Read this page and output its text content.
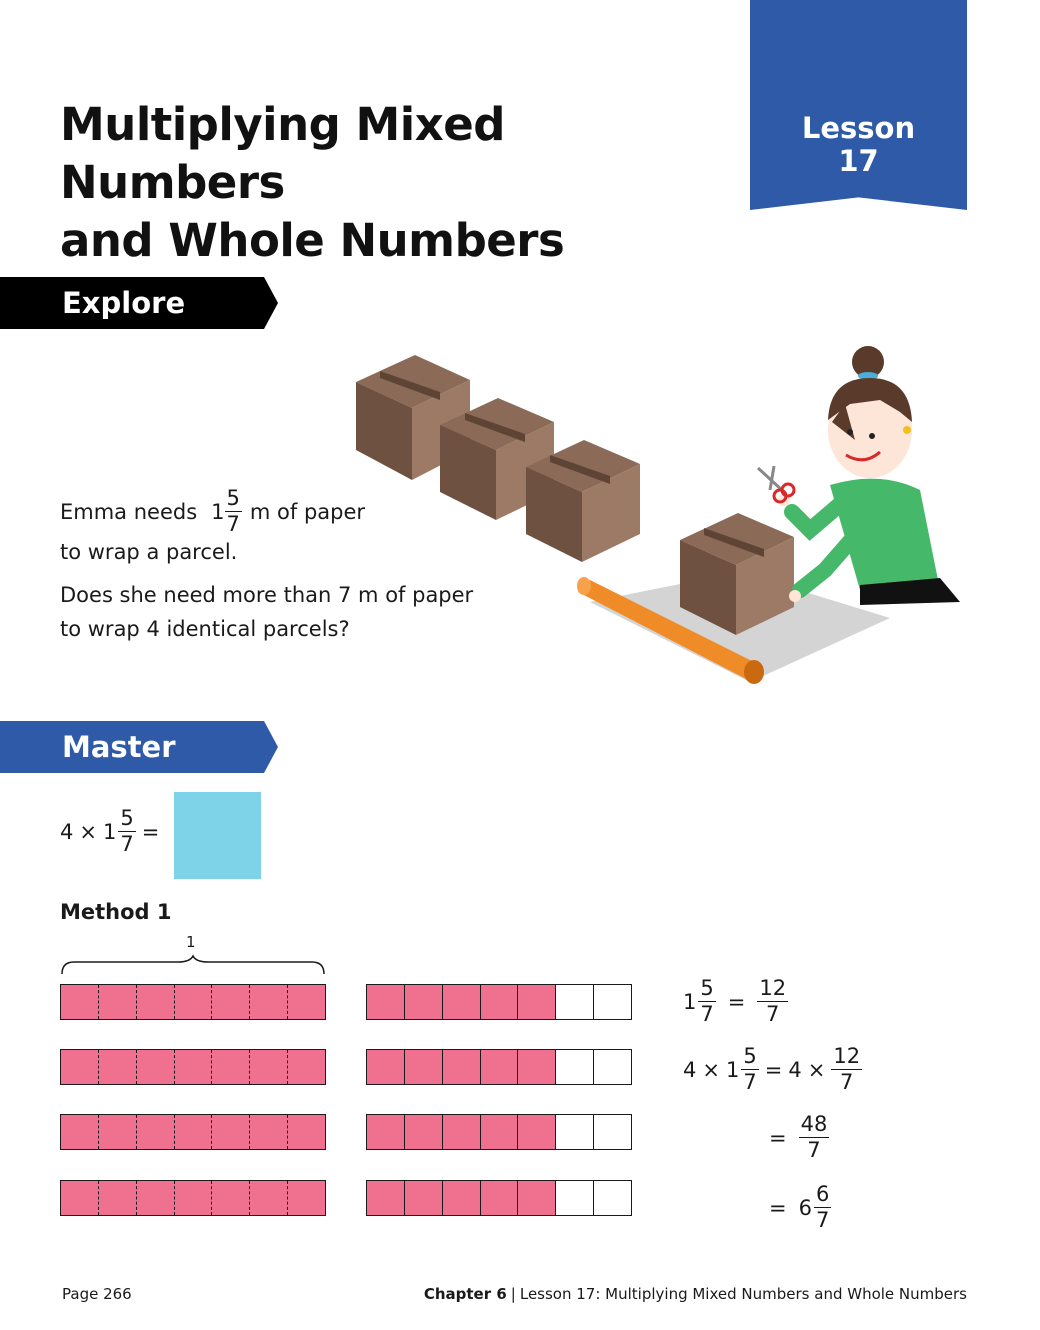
Multiplying Mixed Numbers
and Whole Numbers
Lesson
17
Explore
Emma needs $1 \frac{5}{7}$ m of paper
to wrap a parcel.
Does she need more than 7 m of paper
to wrap 4 identical parcels?
Master
$4 \times 1 \frac{5}{7}$ =
Method 1
1
$1 \frac{5}{7} = \frac{12}{7}$
$4 \times 1 \frac{5}{7} = 4 \times \frac{12}{7}$
= $\frac{48}{7}$
= $6 \frac{6}{7}$
Page 266	Chapter 6 | Lesson 17: Multiplying Mixed Numbers and Whole Numbers
